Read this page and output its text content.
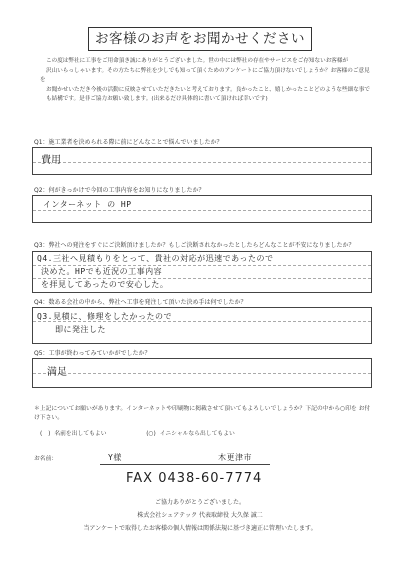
お客様のお声をお聞かせください

この度は弊社に工事をご用命頂き誠にありがとうございました。世の中には弊社の存在やサービスをご存知ないお客様が

沢山いらっしゃいます。その方たちに弊社を少しでも知って頂くためのアンケートにご協力頂けないでしょうか？お客様のご意見を

お聞かせいただき今後の活動に反映させていただきたいと考えております。良かったこと、嬉しかったことどのような些細な事で

も結構です。是非ご協力お願い致します。(出来るだけ具体的に書いて頂ければ幸いです)

Q1：施工業者を決められる際に前にどんなことで悩んでいましたか？
費用
Q2：何がきっかけで今回の工事内容をお知りになりましたか？
インターネット の HP
Q3：弊社への発注をすぐにご決断頂けましたか？もしご決断されなかったとしたらどんなことが不安になりましたか？
Q4.三社へ見積もりをとって、貴社の対応が迅速であったので
決めた。HPでも近況の工事内容
を拝見してあったので安心した。
Q4：数ある会社の中から、弊社へ工事を発注して頂いた決め手は何でしたか？
Q3.見積に、修理をしたかったので
即に発注した
Q5：工事が終わってみていかがでしたか？
満足
＊上記についてお願いがあります。インターネットや印刷物に掲載させて頂いてもよろしいでしょうか？下記の中から○印を お付け下さい。
(　) 名前を出してもよい	(○) イニシャルなら出してもよい
お名前：	Y様	木更津市
FAX 0438-60-7774
ご協力ありがとうございました。
株式会社シェアテック 代表取締役 大久保 誠二
当アンケートで取得したお客様の個人情報は関係法規に基づき適正に管理いたします。
